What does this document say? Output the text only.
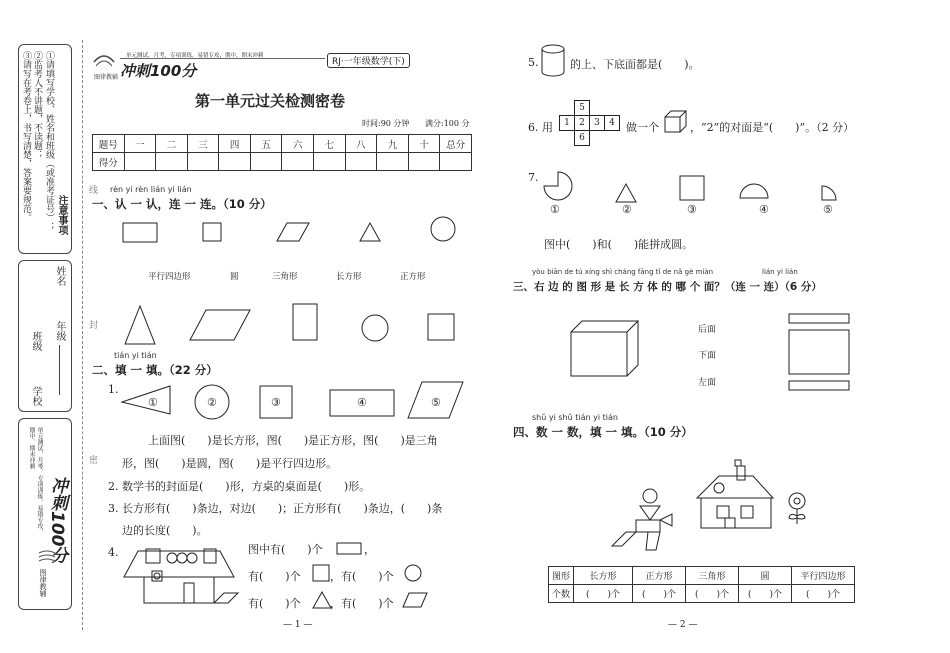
注意事项
①请填写学校、姓名和班级（或准考证号）；
②监考人不讲题，不读题；
③请写在考卷上，书写清楚，答案要规范。
年级
姓名
学校
班级
冲刺100分
单元测试、月考、专项训练、易错专攻、期中、期末冲刺
图律教辅
线
封
密
图律教辅 冲刺100分
单元测试，月考，专项训练，易错专攻，期中，期末冲刺
RJ·一年级数学(下)
第一单元过关检测密卷
时间:90 分钟 满分:100 分
题号	一	二	三	四	五	六	七	八	九	十	总分
得分											
rèn yi rèn lián yi lián
一、认 一 认，连 一 连。（10 分）
平行四边形	圆	三角形	长方形	正方形
tián yi tián
二、填 一 填。（22 分）
1.
①	②	③	④	⑤
上面图(　　)是长方形，图(　　)是正方形，图(　　)是三角
形，图(　　)是圆，图(　　)是平行四边形。
2. 数学书的封面是(　　)形，方桌的桌面是(　　)形。
3. 长方形有(　　)条边，对边(　　)；正方形有(　　)条边，(　　)条
边的长度(　　)。
4.	图中有(　　)个	，
有(　　)个	，有(　　)个
有(　　)个	，有(　　)个
— 1 —
5.	的上、下底面都是(　　)。
6. 用
5
1	2	3	4
6
做一个	，“2”的对面是“(　　)”。（2 分）
7.
①	②	③	④	⑤
图中(　　)和(　　)能拼成圆。
yòu biān de tú xíng shì cháng fāng tǐ de nǎ gè miàn	lián yi lián
三、右 边 的 图 形 是 长 方 体 的 哪 个 面？（连 一 连）（6 分）
后面
下面
左面
shǔ yi shǔ tián yi tián
四、数 一 数，填 一 填。（10 分）
图形	长方形	正方形	三角形	圆	平行四边形
个数	(　　)个	(　　)个	(　　)个	(　　)个	(　　)个
— 2 —
